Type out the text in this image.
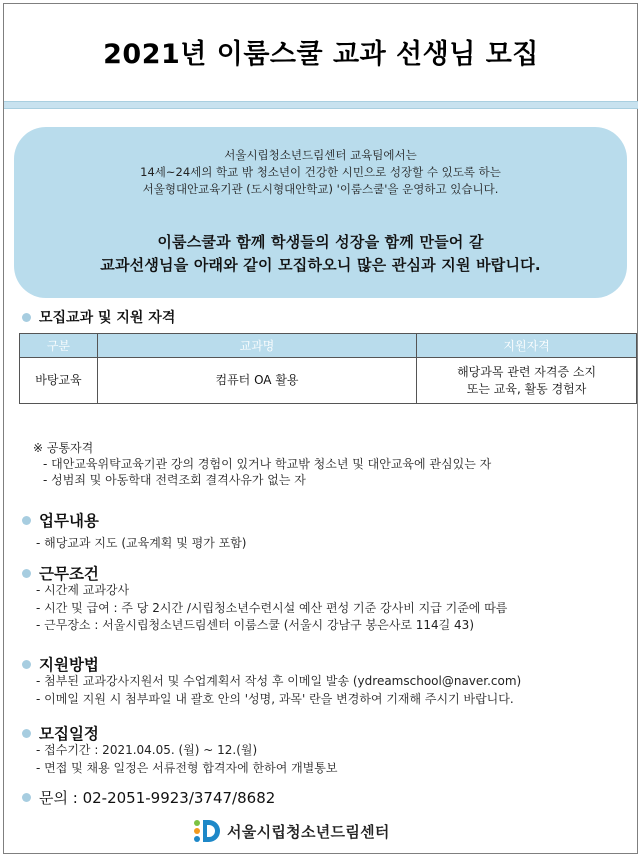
2021년 이룸스쿨 교과 선생님 모집
서울시립청소년드림센터 교육팀에서는
14세~24세의 학교 밖 청소년이 건강한 시민으로 성장할 수 있도록 하는
서울형대안교육기관 (도시형대안학교) '이룸스쿨'을 운영하고 있습니다.
이룸스쿨과 함께 학생들의 성장을 함께 만들어 갈
교과선생님을 아래와 같이 모집하오니 많은 관심과 지원 바랍니다.
모집교과 및 지원 자격
구분	교과명	지원자격
바탕교육	컴퓨터 OA 활용	해당과목 관련 자격증 소지
또는 교육, 활동 경험자
※ 공통자격
- 대안교육위탁교육기관 강의 경험이 있거나 학교밖 청소년 및 대안교육에 관심있는 자
- 성범죄 및 아동학대 전력조회 결격사유가 없는 자
업무내용
- 해당교과 지도 (교육계획 및 평가 포함)
근무조건
- 시간제 교과강사
- 시간 및 급여 : 주 당 2시간 /시립청소년수련시설 예산 편성 기준 강사비 지급 기준에 따름
- 근무장소 : 서울시립청소년드림센터 이룸스쿨 (서울시 강남구 봉은사로 114길 43)
지원방법
- 첨부된 교과강사지원서 및 수업계획서 작성 후 이메일 발송 (ydreamschool@naver.com)
- 이메일 지원 시 첨부파일 내 괄호 안의 '성명, 과목' 란을 변경하여 기재해 주시기 바랍니다.
모집일정
- 접수기간 : 2021.04.05. (월) ~ 12.(월)
- 면접 및 채용 일정은 서류전형 합격자에 한하여 개별통보
문의 : 02-2051-9923/3747/8682
서울시립청소년드림센터
